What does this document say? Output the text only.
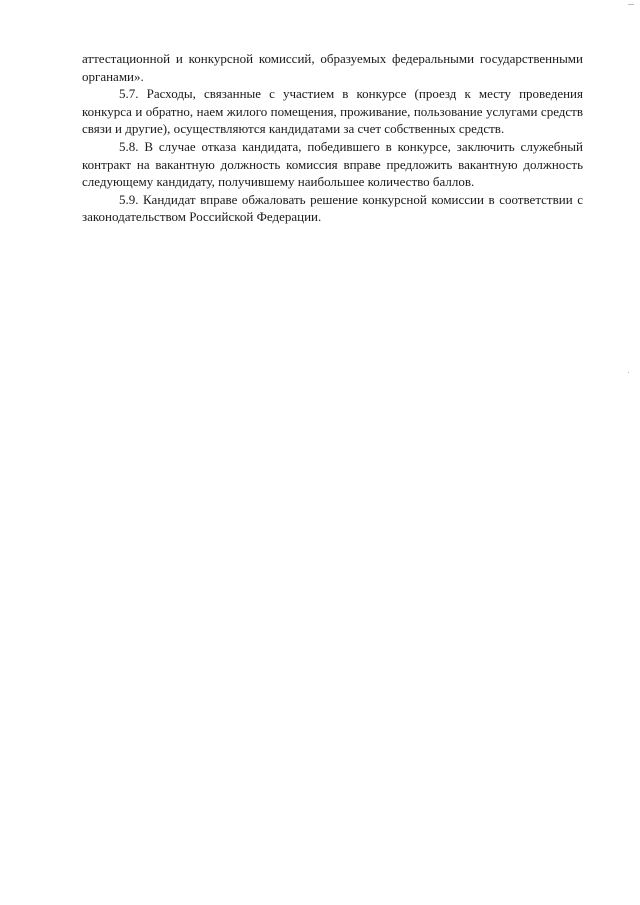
аттестационной и конкурсной комиссий, образуемых федеральными государственными органами».

5.7. Расходы, связанные с участием в конкурсе (проезд к месту проведения конкурса и обратно, наем жилого помещения, проживание, пользование услугами средств связи и другие), осуществляются кандидатами за счет собственных средств.

5.8. В случае отказа кандидата, победившего в конкурсе, заключить служебный контракт на вакантную должность комиссия вправе предложить вакантную должность следующему кандидату, получившему наибольшее количество баллов.

5.9. Кандидат вправе обжаловать решение конкурсной комиссии в соответствии с законодательством Российской Федерации.
